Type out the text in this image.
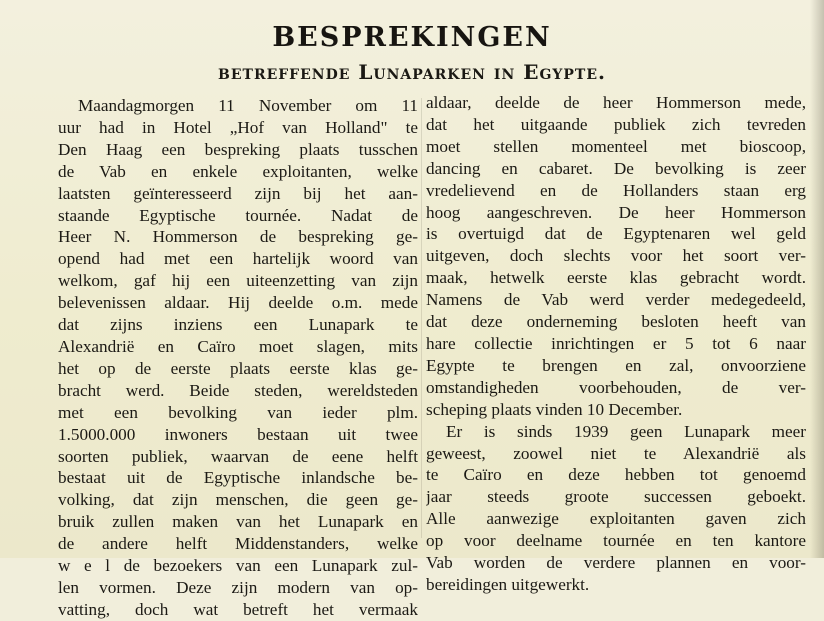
BESPREKINGEN
betreffende Lunaparken in Egypte.
Maandagmorgen 11 November om 11
uur had in Hotel „Hof van Holland" te
Den Haag een bespreking plaats tusschen
de Vab en enkele exploitanten, welke
laatsten geïnteresseerd zijn bij het aan-
staande Egyptische tournée. Nadat de
Heer N. Hommerson de bespreking ge-
opend had met een hartelijk woord van
welkom, gaf hij een uiteenzetting van zijn
belevenissen aldaar. Hij deelde o.m. mede
dat zijns inziens een Lunapark te
Alexandrië en Caïro moet slagen, mits
het op de eerste plaats eerste klas ge-
bracht werd. Beide steden, wereldsteden
met een bevolking van ieder plm.
1.5000.000 inwoners bestaan uit twee
soorten publiek, waarvan de eene helft
bestaat uit de Egyptische inlandsche be-
volking, dat zijn menschen, die geen ge-
bruik zullen maken van het Lunapark en
de andere helft Middenstanders, welke
w e l de bezoekers van een Lunapark zul-
len vormen. Deze zijn modern van op-
vatting, doch wat betreft het vermaak
aldaar, deelde de heer Hommerson mede,
dat het uitgaande publiek zich tevreden
moet stellen momenteel met bioscoop,
dancing en cabaret. De bevolking is zeer
vredelievend en de Hollanders staan erg
hoog aangeschreven. De heer Hommerson
is overtuigd dat de Egyptenaren wel geld
uitgeven, doch slechts voor het soort ver-
maak, hetwelk eerste klas gebracht wordt.
Namens de Vab werd verder medegedeeld,
dat deze onderneming besloten heeft van
hare collectie inrichtingen er 5 tot 6 naar
Egypte te brengen en zal, onvoorziene
omstandigheden voorbehouden, de ver-
scheping plaats vinden 10 December.
Er is sinds 1939 geen Lunapark meer
geweest, zoowel niet te Alexandrië als
te Caïro en deze hebben tot genoemd
jaar steeds groote successen geboekt.
Alle aanwezige exploitanten gaven zich
op voor deelname tournée en ten kantore
Vab worden de verdere plannen en voor-
bereidingen uitgewerkt.
